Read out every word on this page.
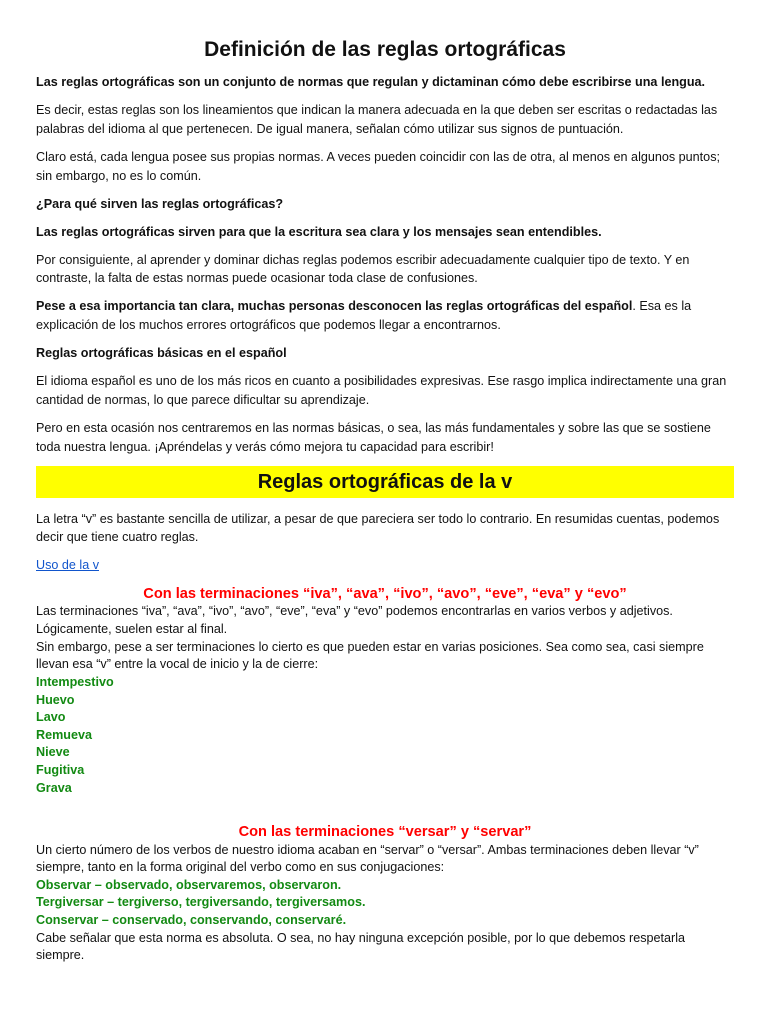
Definición de las reglas ortográficas

Las reglas ortográficas son un conjunto de normas que regulan y dictaminan cómo debe escribirse una lengua.

Es decir, estas reglas son los lineamientos que indican la manera adecuada en la que deben ser escritas o redactadas las palabras del idioma al que pertenecen. De igual manera, señalan cómo utilizar sus signos de puntuación.

Claro está, cada lengua posee sus propias normas. A veces pueden coincidir con las de otra, al menos en algunos puntos; sin embargo, no es lo común.

¿Para qué sirven las reglas ortográficas?

Las reglas ortográficas sirven para que la escritura sea clara y los mensajes sean entendibles.

Por consiguiente, al aprender y dominar dichas reglas podemos escribir adecuadamente cualquier tipo de texto. Y en contraste, la falta de estas normas puede ocasionar toda clase de confusiones.

Pese a esa importancia tan clara, muchas personas desconocen las reglas ortográficas del español. Esa es la explicación de los muchos errores ortográficos que podemos llegar a encontrarnos.

Reglas ortográficas básicas en el español

El idioma español es uno de los más ricos en cuanto a posibilidades expresivas. Ese rasgo implica indirectamente una gran cantidad de normas, lo que parece dificultar su aprendizaje.

Pero en esta ocasión nos centraremos en las normas básicas, o sea, las más fundamentales y sobre las que se sostiene toda nuestra lengua. ¡Apréndelas y verás cómo mejora tu capacidad para escribir!

Reglas ortográficas de la v

La letra “v” es bastante sencilla de utilizar, a pesar de que pareciera ser todo lo contrario. En resumidas cuentas, podemos decir que tiene cuatro reglas.

Uso de la v

Con las terminaciones “iva”, “ava”, “ivo”, “avo”, “eve”, “eva” y “evo”

Las terminaciones “iva”, “ava”, “ivo”, “avo”, “eve”, “eva” y “evo” podemos encontrarlas en varios verbos y adjetivos. Lógicamente, suelen estar al final.

Sin embargo, pese a ser terminaciones lo cierto es que pueden estar en varias posiciones. Sea como sea, casi siempre llevan esa “v” entre la vocal de inicio y la de cierre:

Intempestivo

Huevo

Lavo

Remueva

Nieve

Fugitiva

Grava

Con las terminaciones “versar” y “servar”

Un cierto número de los verbos de nuestro idioma acaban en “servar” o “versar”. Ambas terminaciones deben llevar “v” siempre, tanto en la forma original del verbo como en sus conjugaciones:

Observar – observado, observaremos, observaron.

Tergiversar – tergiverso, tergiversando, tergiversamos.

Conservar – conservado, conservando, conservaré.

Cabe señalar que esta norma es absoluta. O sea, no hay ninguna excepción posible, por lo que debemos respetarla siempre.
